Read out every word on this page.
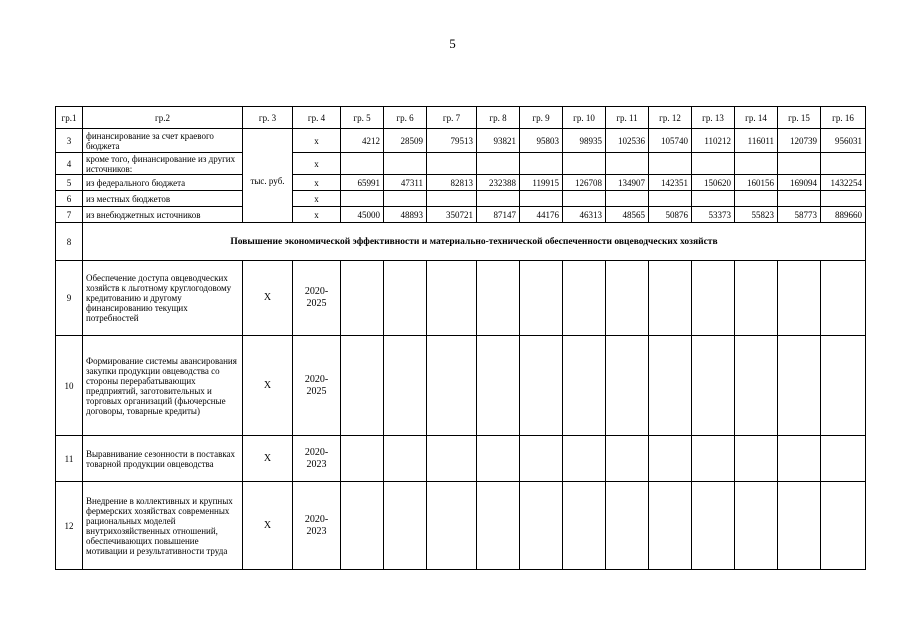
5
гр.1	гр.2	гр. 3	гр. 4	гр. 5	гр. 6	гр. 7	гр. 8	гр. 9	гр. 10	гр. 11	гр. 12	гр. 13	гр. 14	гр. 15	гр. 16
3	финансирование за счет краевого бюджета	тыс. руб.	х	4212	28509	79513	93821	95803	98935	102536	105740	110212	116011	120739	956031
4	кроме того, финансирование из других источников:		х												
5	из федерального бюджета		х	65991	47311	82813	232388	119915	126708	134907	142351	150620	160156	169094	1432254
6	из местных бюджетов		х												
7	из внебюджетных источников		х	45000	48893	350721	87147	44176	46313	48565	50876	53373	55823	58773	889660
8	Повышение экономической эффективности и материально-технической обеспеченности овцеводческих хозяйств														
9	Обеспечение доступа овцеводческих хозяйств к льготному круглогодовому кредитованию и другому финансированию текущих потребностей	Х	2020-2025												
10	Формирование системы авансирования закупки продукции овцеводства со стороны перерабатывающих предприятий, заготовительных и торговых организаций (фьючерсные договоры, товарные кредиты)	Х	2020-2025												
11	Выравнивание сезонности в поставках товарной продукции овцеводства	Х	2020-2023												
12	Внедрение в коллективных и крупных фермерских хозяйствах современных рациональных моделей внутрихозяйственных отношений, обеспечивающих повышение мотивации и результативности труда	Х	2020-2023												
